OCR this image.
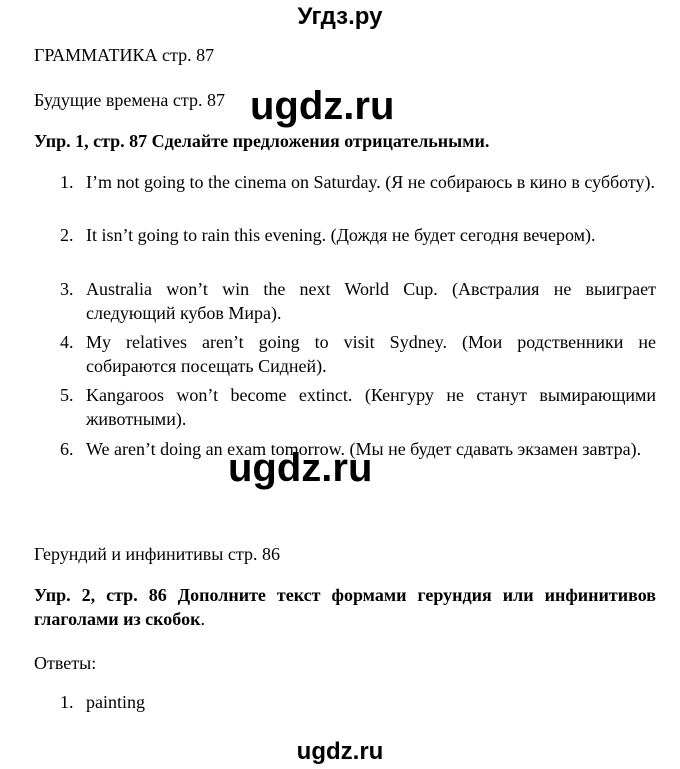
Угдз.ру
ГРАММАТИКА стр. 87
Будущие времена стр. 87 ugdz.ru
Упр. 1, стр. 87 Сделайте предложения отрицательными.
1. I’m not going to the cinema on Saturday. (Я не собираюсь в кино в субботу).
2. It isn’t going to rain this evening. (Дождя не будет сегодня вечером).
3. Australia won’t win the next World Cup. (Австралия не выиграет следующий кубов Мира).
4. My relatives aren’t going to visit Sydney. (Мои родственники не собираются посещать Сидней).
5. Kangaroos won’t become extinct. (Кенгуру не станут вымирающими животными).
6. We aren’t doing an exam tomorrow. (Мы не будет сдавать экзамен завтра).
ugdz.ru
Герундий и инфинитивы стр. 86
Упр. 2, стр. 86 Дополните текст формами герундия или инфинитивов глаголами из скобок.
Ответы:
1. painting
ugdz.ru
